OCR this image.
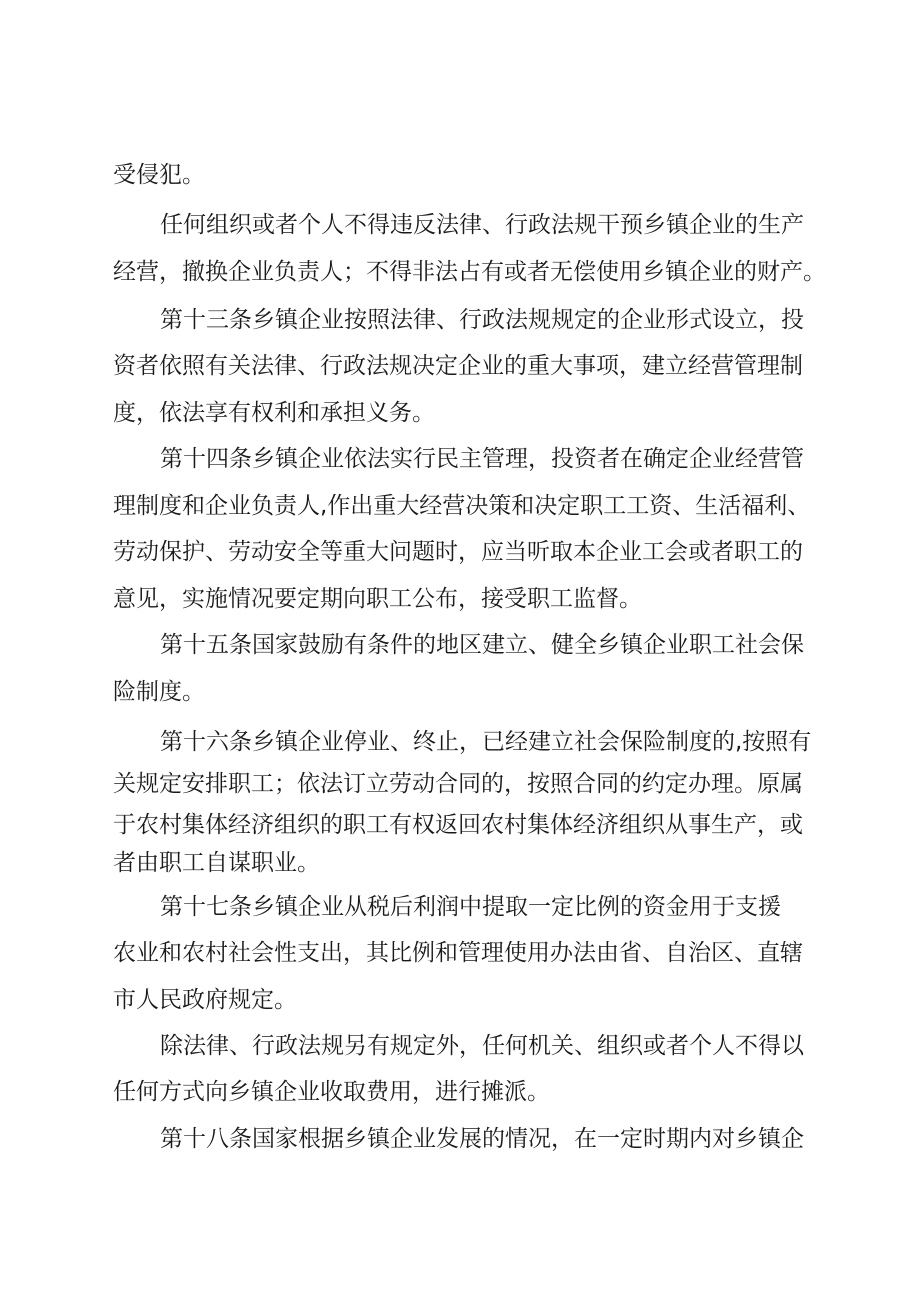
受侵犯。
任何组织或者个人不得违反法律、行政法规干预乡镇企业的生产
经营，撤换企业负责人；不得非法占有或者无偿使用乡镇企业的财产。
第十三条乡镇企业按照法律、行政法规规定的企业形式设立，投
资者依照有关法律、行政法规决定企业的重大事项，建立经营管理制
度，依法享有权利和承担义务。
第十四条乡镇企业依法实行民主管理，投资者在确定企业经营管
理制度和企业负责人,作出重大经营决策和决定职工工资、生活福利、
劳动保护、劳动安全等重大问题时，应当听取本企业工会或者职工的
意见，实施情况要定期向职工公布，接受职工监督。
第十五条国家鼓励有条件的地区建立、健全乡镇企业职工社会保
险制度。
第十六条乡镇企业停业、终止，已经建立社会保险制度的,按照有
关规定安排职工；依法订立劳动合同的，按照合同的约定办理。原属
于农村集体经济组织的职工有权返回农村集体经济组织从事生产，或
者由职工自谋职业。
第十七条乡镇企业从税后利润中提取一定比例的资金用于支援
农业和农村社会性支出，其比例和管理使用办法由省、自治区、直辖
市人民政府规定。
除法律、行政法规另有规定外，任何机关、组织或者个人不得以
任何方式向乡镇企业收取费用，进行摊派。
第十八条国家根据乡镇企业发展的情况，在一定时期内对乡镇企
